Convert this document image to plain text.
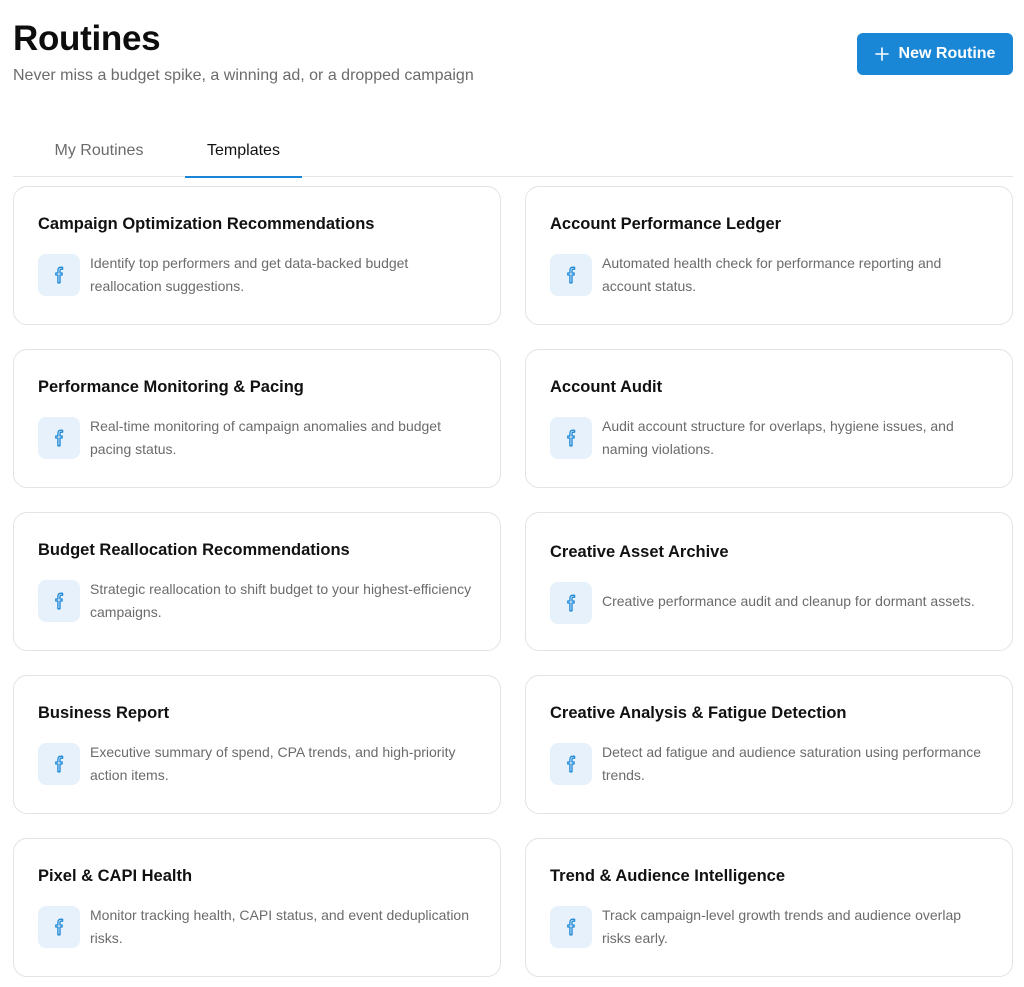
Routines

Never miss a budget spike, a winning ad, or a dropped campaign

New Routine
My Routines	Templates
Campaign Optimization Recommendations
Identify top performers and get data-backed budget reallocation suggestions.
Account Performance Ledger
Automated health check for performance reporting and account status.
Performance Monitoring & Pacing
Real-time monitoring of campaign anomalies and budget pacing status.
Account Audit
Audit account structure for overlaps, hygiene issues, and naming violations.
Budget Reallocation Recommendations
Strategic reallocation to shift budget to your highest-efficiency campaigns.
Creative Asset Archive
Creative performance audit and cleanup for dormant assets.
Business Report
Executive summary of spend, CPA trends, and high-priority action items.
Creative Analysis & Fatigue Detection
Detect ad fatigue and audience saturation using performance trends.
Pixel & CAPI Health
Monitor tracking health, CAPI status, and event deduplication risks.
Trend & Audience Intelligence
Track campaign-level growth trends and audience overlap risks early.
